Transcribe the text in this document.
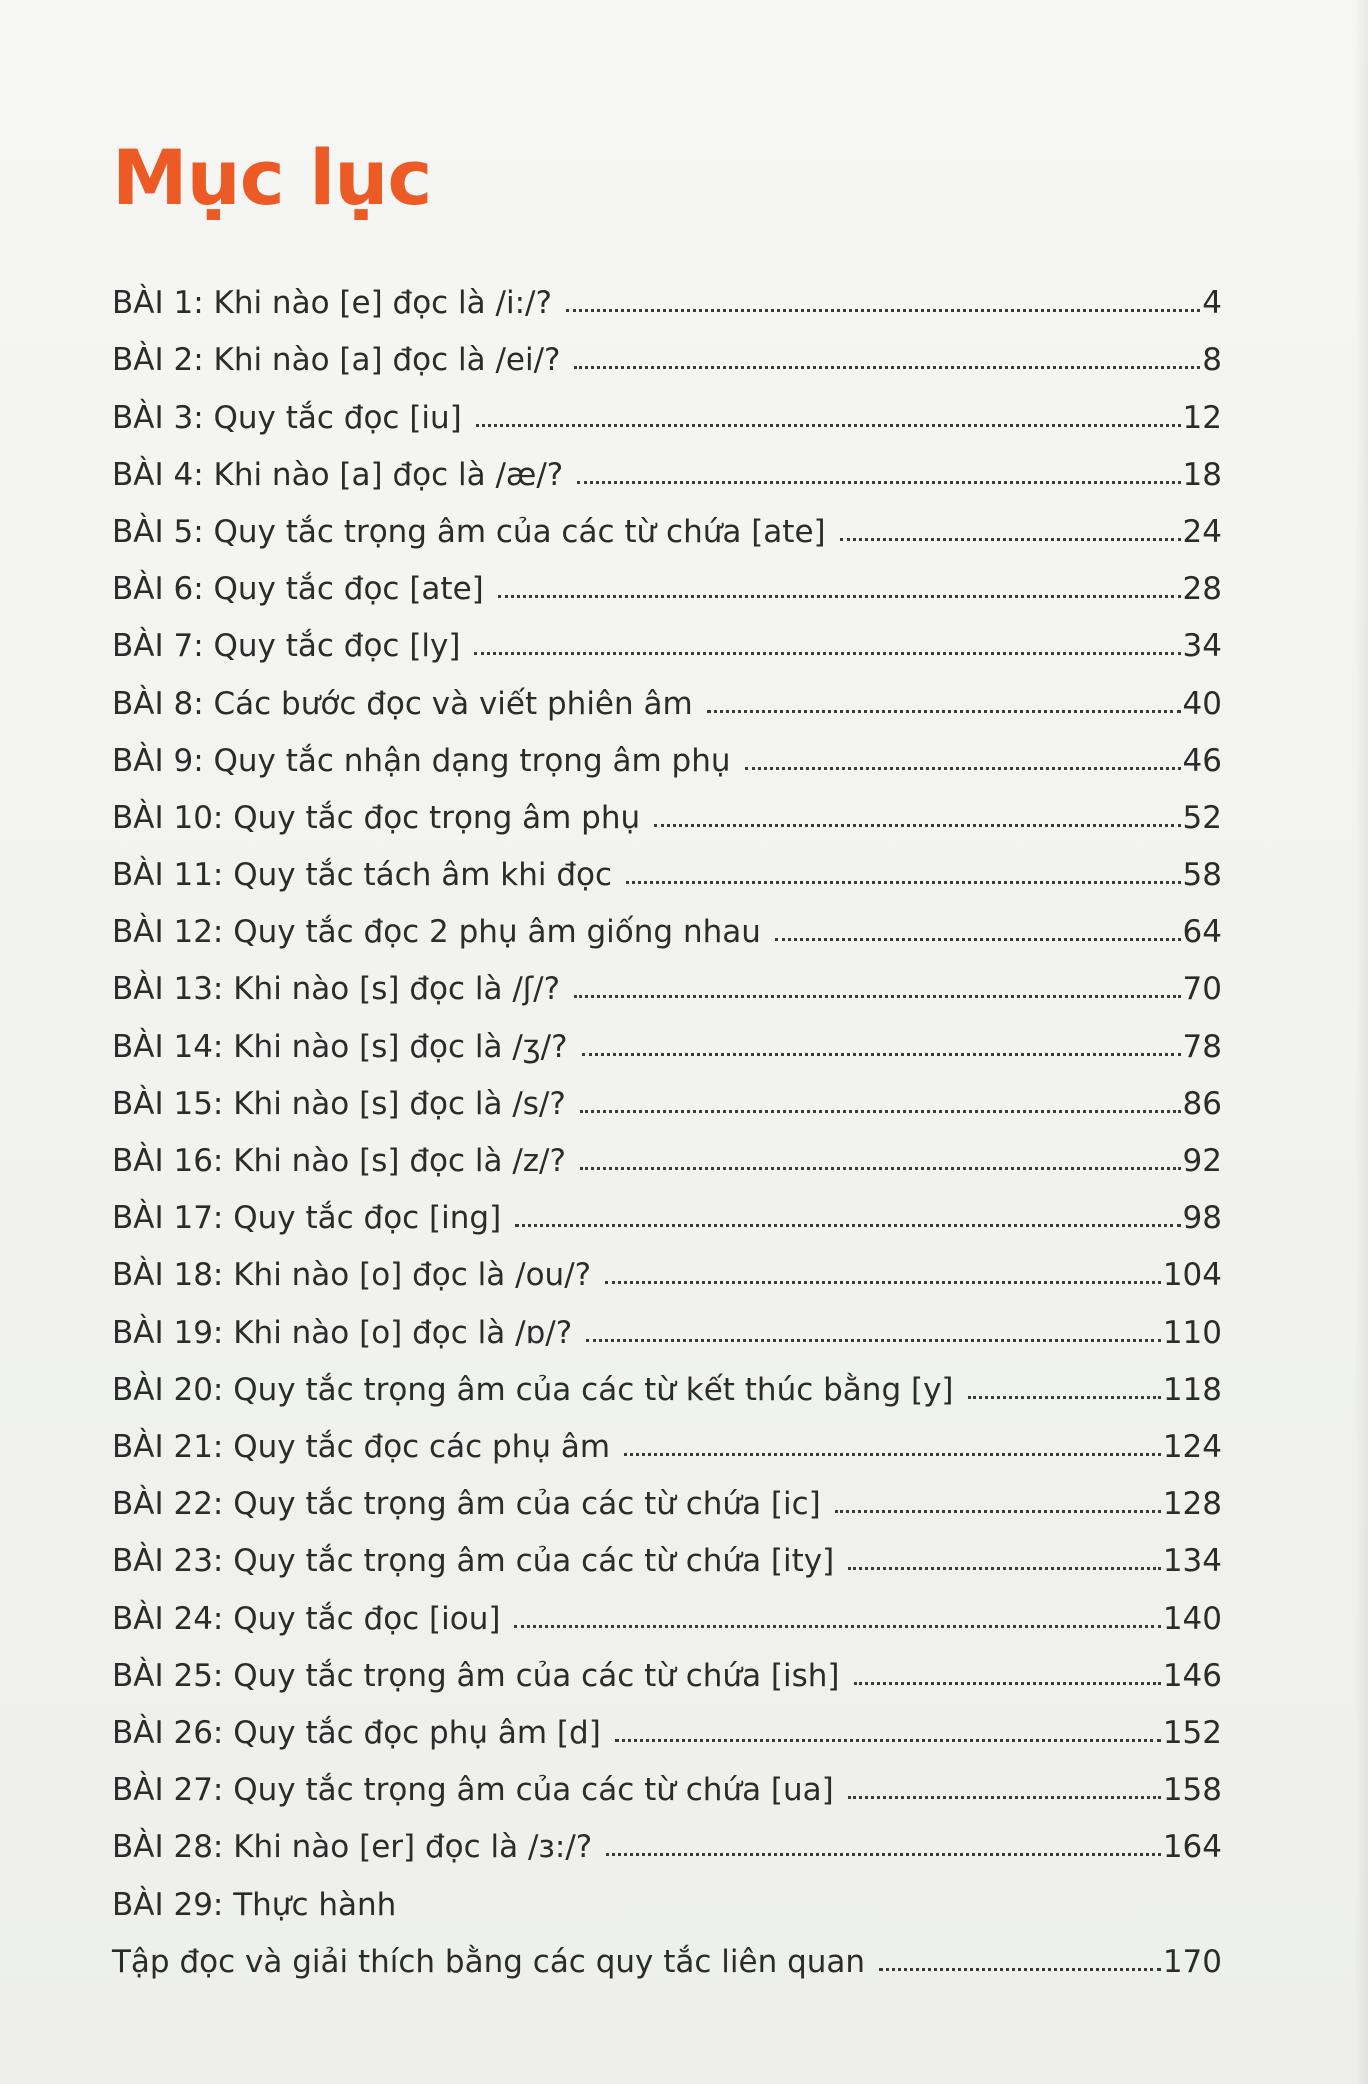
Mục lục
BÀI 1: Khi nào [e] đọc là /i:/?	4
BÀI 2: Khi nào [a] đọc là /ei/?	8
BÀI 3: Quy tắc đọc [iu]	12
BÀI 4: Khi nào [a] đọc là /æ/?	18
BÀI 5: Quy tắc trọng âm của các từ chứa [ate]	24
BÀI 6: Quy tắc đọc [ate]	28
BÀI 7: Quy tắc đọc [ly]	34
BÀI 8: Các bước đọc và viết phiên âm	40
BÀI 9: Quy tắc nhận dạng trọng âm phụ	46
BÀI 10: Quy tắc đọc trọng âm phụ	52
BÀI 11: Quy tắc tách âm khi đọc	58
BÀI 12: Quy tắc đọc 2 phụ âm giống nhau	64
BÀI 13: Khi nào [s] đọc là /ʃ/?	70
BÀI 14: Khi nào [s] đọc là /ʒ/?	78
BÀI 15: Khi nào [s] đọc là /s/?	86
BÀI 16: Khi nào [s] đọc là /z/?	92
BÀI 17: Quy tắc đọc [ing]	98
BÀI 18: Khi nào [o] đọc là /ou/?	104
BÀI 19: Khi nào [o] đọc là /ɒ/?	110
BÀI 20: Quy tắc trọng âm của các từ kết thúc bằng [y]	118
BÀI 21: Quy tắc đọc các phụ âm	124
BÀI 22: Quy tắc trọng âm của các từ chứa [ic]	128
BÀI 23: Quy tắc trọng âm của các từ chứa [ity]	134
BÀI 24: Quy tắc đọc [iou]	140
BÀI 25: Quy tắc trọng âm của các từ chứa [ish]	146
BÀI 26: Quy tắc đọc phụ âm [d]	152
BÀI 27: Quy tắc trọng âm của các từ chứa [ua]	158
BÀI 28: Khi nào [er] đọc là /ɜ:/?	164
BÀI 29: Thực hành
Tập đọc và giải thích bằng các quy tắc liên quan	170
